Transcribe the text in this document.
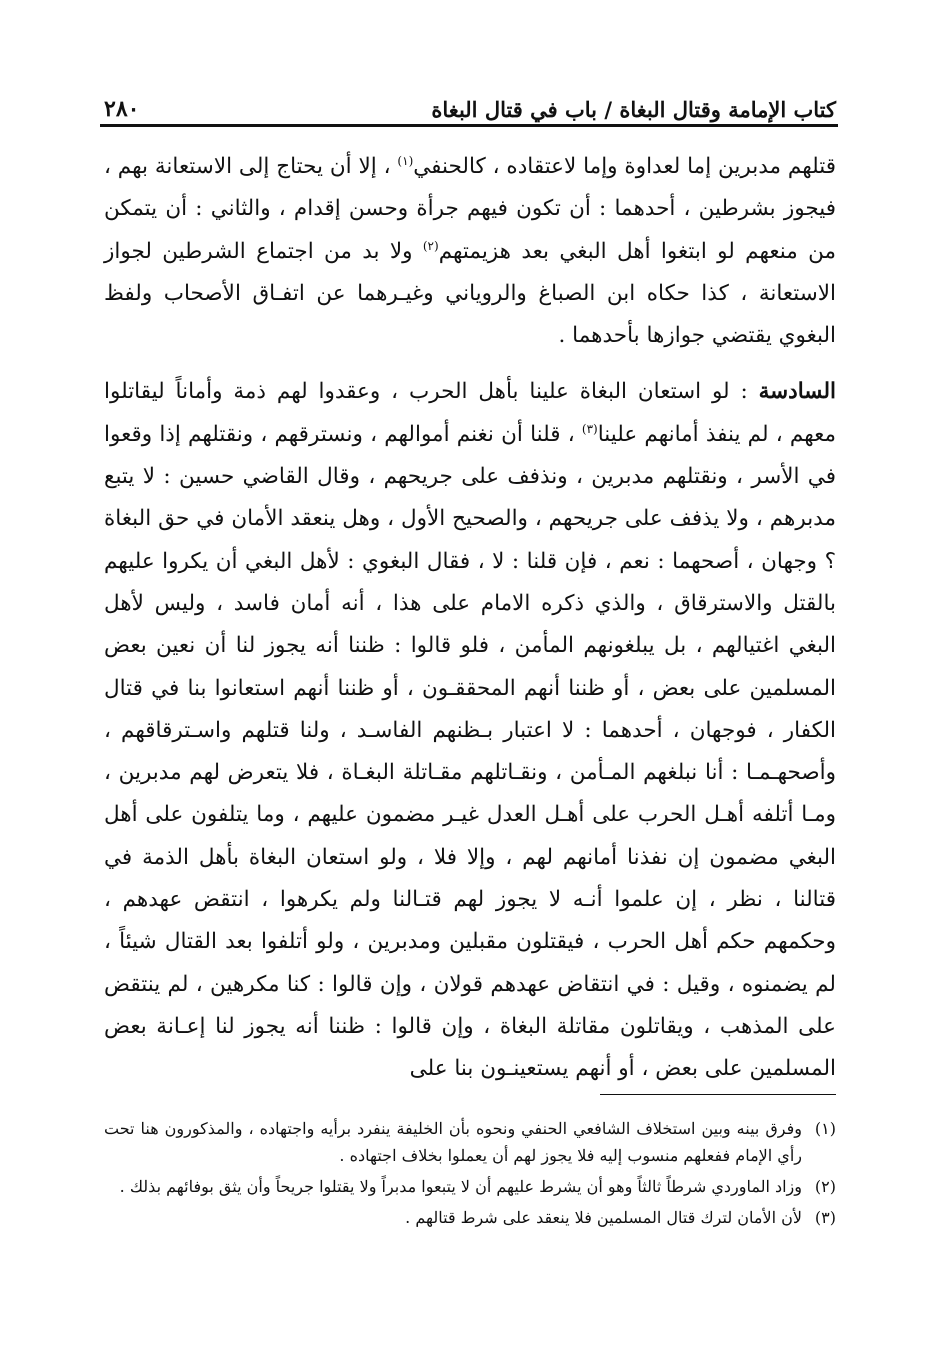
كتاب الإمامة وقتال البغاة / باب في قتال البغاة
٢٨٠

قتلهم مدبرين إما لعداوة وإما لاعتقاده ، كالحنفي$^{(١)}$ ، إلا أن يحتاج إلى الاستعانة بهم ، فيجوز بشرطين ، أحدهما : أن تكون فيهم جرأة وحسن إقدام ، والثاني : أن يتمكن من منعهم لو ابتغوا أهل البغي بعد هزيمتهم$^{(٢)}$ ولا بد من اجتماع الشرطين لجواز الاستعانة ، كذا حكاه ابن الصباغ والروياني وغيـرهما عن اتفـاق الأصحاب ولفظ البغوي يقتضي جوازها بأحدهما .

السادسة : لو استعان البغاة علينا بأهل الحرب ، وعقدوا لهم ذمة وأماناً ليقاتلوا معهم ، لم ينفذ أمانهم علينا$^{(٣)}$ ، قلنا أن نغنم أموالهم ، ونسترقهم ، ونقتلهم إذا وقعوا في الأسر ، ونقتلهم مدبرين ، ونذفف على جريحهم ، وقال القاضي حسين : لا يتبع مدبرهم ، ولا يذفف على جريحهم ، والصحيح الأول ، وهل ينعقد الأمان في حق البغاة ؟ وجهان ، أصحهما : نعم ، فإن قلنا : لا ، فقال البغوي : لأهل البغي أن يكروا عليهم بالقتل والاسترقاق ، والذي ذكره الامام على هذا ، أنه أمان فاسد ، وليس لأهل البغي اغتيالهم ، بل يبلغونهم المأمن ، فلو قالوا : ظننا أنه يجوز لنا أن نعين بعض المسلمين على بعض ، أو ظننا أنهم المحققـون ، أو ظننا أنهم استعانوا بنا في قتال الكفار ، فوجهان ، أحدهما : لا اعتبار بـظنهم الفاسـد ، ولنا قتلهم واسـترقاقهم ، وأصحهـمـا : أنا نبلغهم المـأمن ، ونقـاتلهم مقـاتلة البغـاة ، فلا يتعرض لهم مدبرين ، ومـا أتلفه أهـل الحرب على أهـل العدل غيـر مضمون عليهم ، وما يتلفون على أهل البغي مضمون إن نفذنا أمانهم لهم ، وإلا فلا ، ولو استعان البغاة بأهل الذمة في قتالنا ، نظر ، إن علموا أنـه لا يجوز لهم قتـالنا ولم يكرهوا ، انتقض عهدهم ، وحكمهم حكم أهل الحرب ، فيقتلون مقبلين ومدبرين ، ولو أتلفوا بعد القتال شيئاً ، لم يضمنوه ، وقيل : في انتقاض عهدهم قولان ، وإن قالوا : كنا مكرهين ، لم ينتقض على المذهب ، ويقاتلون مقاتلة البغاة ، وإن قالوا : ظننا أنه يجوز لنا إعـانة بعض المسلمين على بعض ، أو أنهم يستعينـون بنا على

(١)
وفرق بينه وبين استخلاف الشافعي الحنفي ونحوه بأن الخليفة ينفرد برأيه واجتهاده ، والمذكورون هنا تحت رأي الإمام ففعلهم منسوب إليه فلا يجوز لهم أن يعملوا بخلاف اجتهاده .
(٢)
وزاد الماوردي شرطاً ثالثاً وهو أن يشرط عليهم أن لا يتبعوا مدبراً ولا يقتلوا جريحاً وأن يثق بوفائهم بذلك .
(٣)
لأن الأمان لترك قتال المسلمين فلا ينعقد على شرط قتالهم .
